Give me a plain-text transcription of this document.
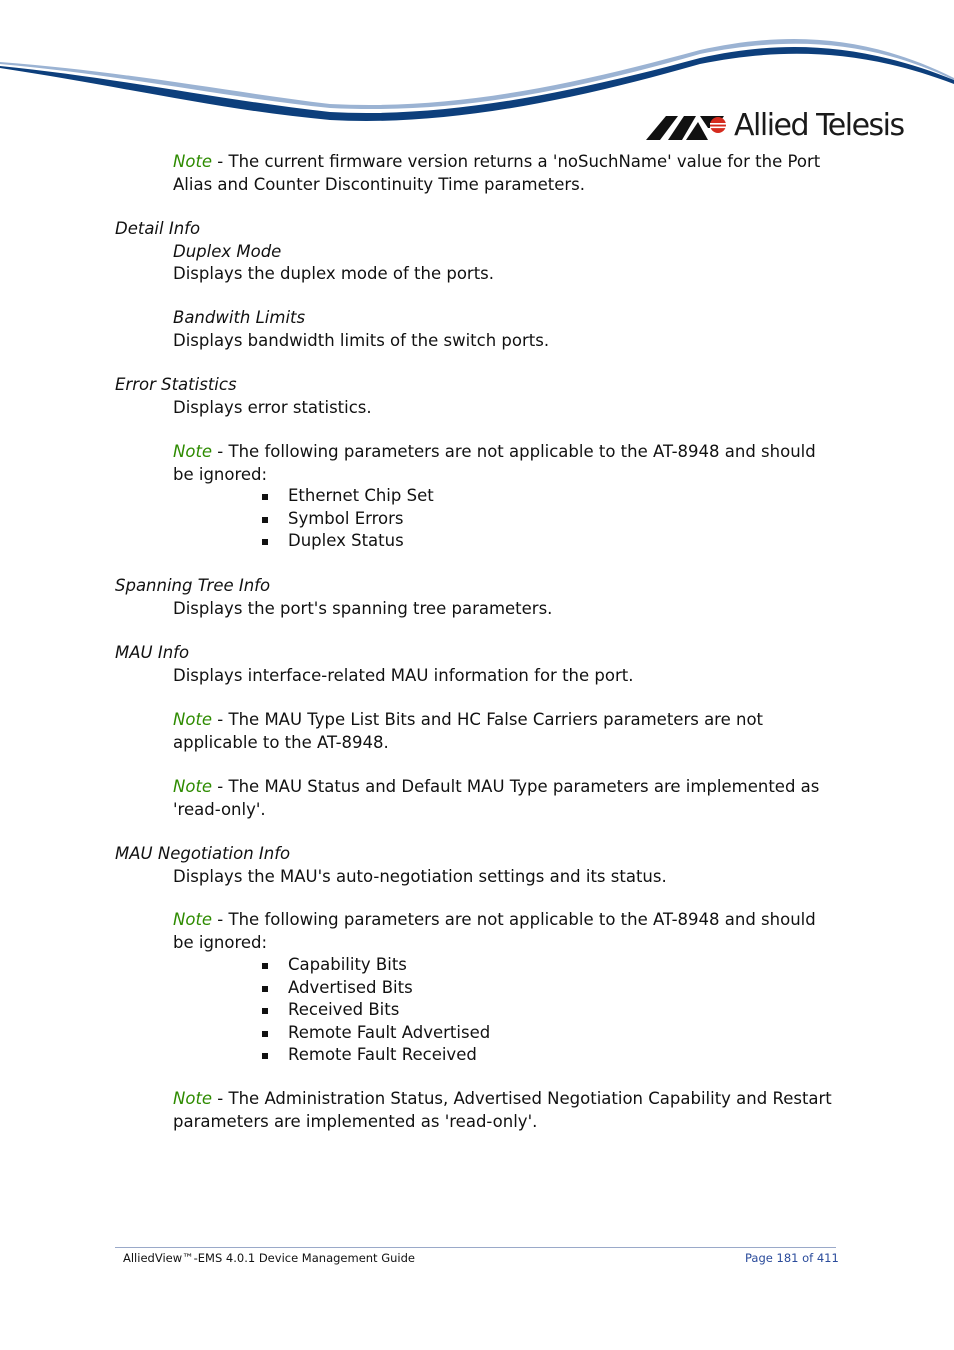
Allied Telesis
Note - The current firmware version returns a 'noSuchName' value for the Port Alias and Counter Discontinuity Time parameters.
Detail Info
Duplex Mode
Displays the duplex mode of the ports.
Bandwith Limits
Displays bandwidth limits of the switch ports.
Error Statistics
Displays error statistics.
Note - The following parameters are not applicable to the AT-8948 and should be ignored:
Ethernet Chip Set
Symbol Errors
Duplex Status
Spanning Tree Info
Displays the port's spanning tree parameters.
MAU Info
Displays interface-related MAU information for the port.
Note - The MAU Type List Bits and HC False Carriers parameters are not applicable to the AT-8948.
Note - The MAU Status and Default MAU Type parameters are implemented as 'read-only'.
MAU Negotiation Info
Displays the MAU's auto-negotiation settings and its status.
Note - The following parameters are not applicable to the AT-8948 and should be ignored:
Capability Bits
Advertised Bits
Received Bits
Remote Fault Advertised
Remote Fault Received
Note - The Administration Status, Advertised Negotiation Capability and Restart parameters are implemented as 'read-only'.
AlliedView™-EMS 4.0.1 Device Management Guide	Page 181 of 411
